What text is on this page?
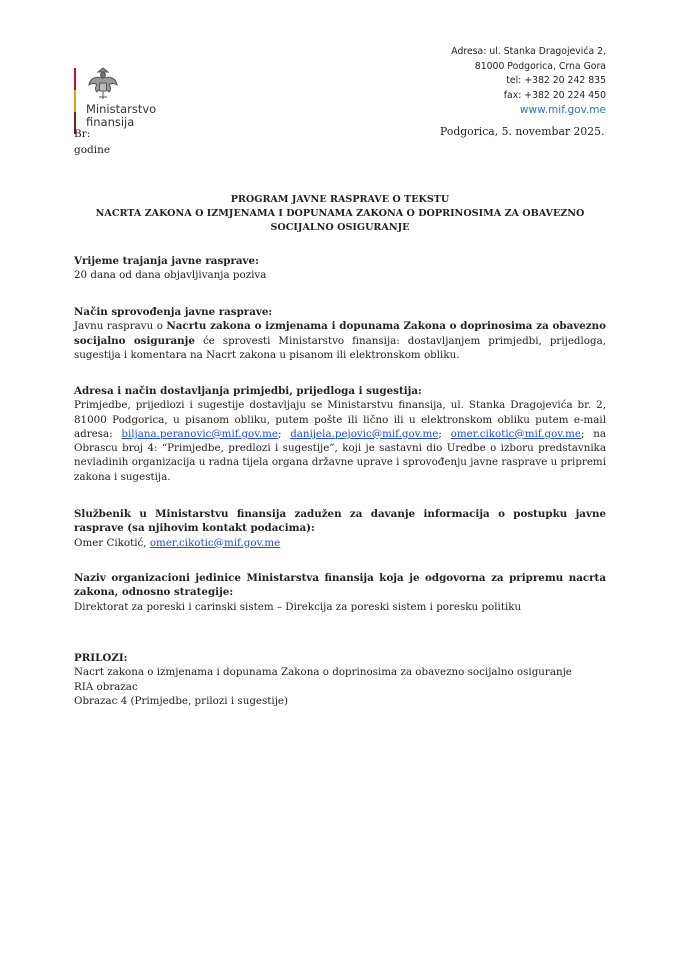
Ministarstvo
finansija
Adresa: ul. Stanka Dragojevića 2,
81000 Podgorica, Crna Gora
tel: +382 20 242 835
fax: +382 20 224 450
www.mif.gov.me
Br:
godine
Podgorica, 5. novembar 2025.
PROGRAM JAVNE RASPRAVE O TEKSTU
NACRTA ZAKONA O IZMJENAMA I DOPUNAMA ZAKONA O DOPRINOSIMA ZA OBAVEZNO
SOCIJALNO OSIGURANJE
Vrijeme trajanja javne rasprave:
20 dana od dana objavljivanja poziva
Način sprovođenja javne rasprave:
Javnu raspravu o Nacrtu zakona o izmjenama i dopunama Zakona o doprinosima za obavezno socijalno osiguranje će sprovesti Ministarstvo finansija: dostavljanjem primjedbi, prijedloga, sugestija i komentara na Nacrt zakona u pisanom ili elektronskom obliku.
Adresa i način dostavljanja primjedbi, prijedloga i sugestija:
Primjedbe, prijedlozi i sugestije dostavljaju se Ministarstvu finansija, ul. Stanka Dragojevića br. 2, 81000 Podgorica, u pisanom obliku, putem pošte ili lično ili u elektronskom obliku putem e-mail adresa: biljana.peranovic@mif.gov.me; danijela.pejovic@mif.gov.me; omer.cikotic@mif.gov.me; na Obrascu broj 4: “Primjedbe, predlozi i sugestije”, koji je sastavni dio Uredbe o izboru predstavnika nevladinih organizacija u radna tijela organa državne uprave i sprovođenju javne rasprave u pripremi zakona i sugestija.
Službenik u Ministarstvu finansija zadužen za davanje informacija o postupku javne rasprave (sa njihovim kontakt podacima):
Omer Cikotić, omer.cikotic@mif.gov.me
Naziv organizacioni jedinice Ministarstva finansija koja je odgovorna za pripremu nacrta zakona, odnosno strategije:
Direktorat za poreski i carinski sistem – Direkcija za poreski sistem i poresku politiku
PRILOZI:
Nacrt zakona o izmjenama i dopunama Zakona o doprinosima za obavezno socijalno osiguranje
RIA obrazac
Obrazac 4 (Primjedbe, prilozi i sugestije)
